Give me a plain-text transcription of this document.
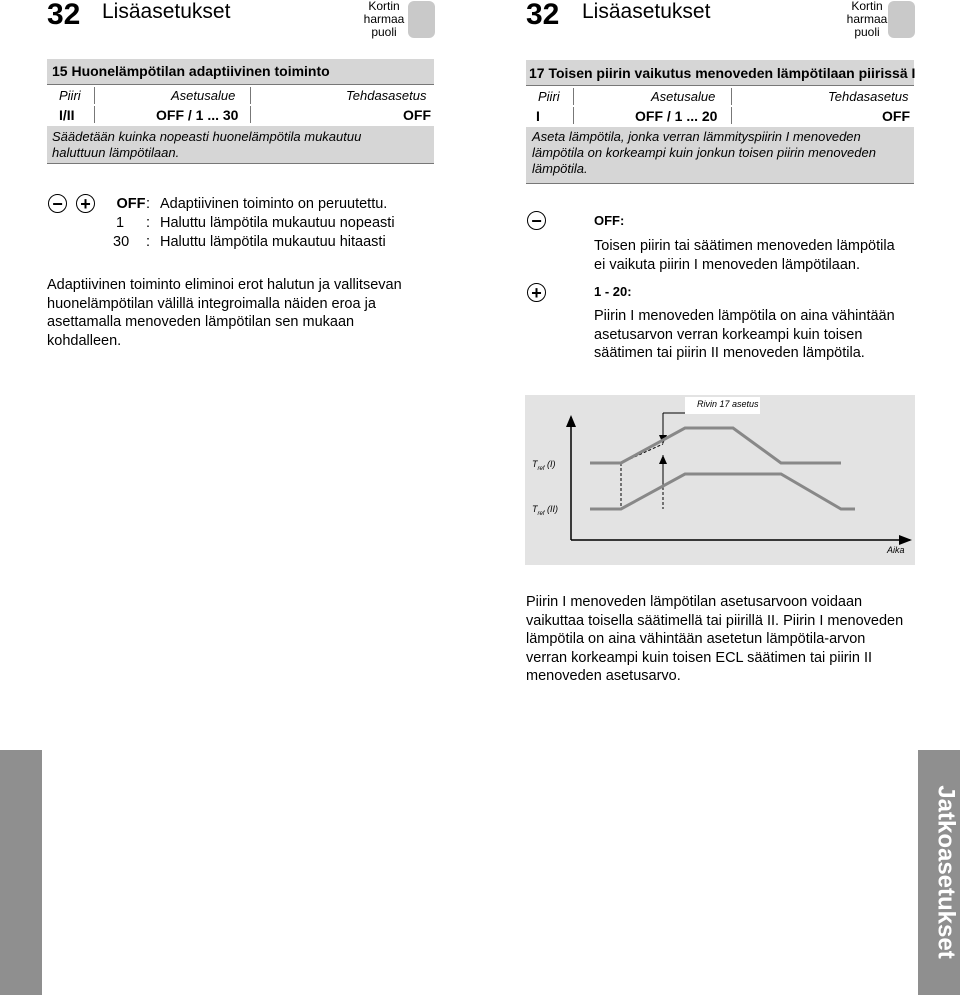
32 Lisäasetukset	Kortin
harmaa
puoli
15 Huonelämpötilan adaptiivinen toiminto
Piiri	Asetusalue	Tehdasasetus
I/II	OFF / 1 ... 30	OFF
Säädetään kuinka nopeasti huonelämpötila mukautuu
haluttuun lämpötilaan.
− + OFF : Adaptiivinen toiminto on peruutettu.
1 : Haluttu lämpötila mukautuu nopeasti
30 : Haluttu lämpötila mukautuu hitaasti
Adaptiivinen toiminto eliminoi erot halutun ja vallitsevan
huonelämpötilan välillä integroimalla näiden eroa ja
asettamalla menoveden lämpötilan sen mukaan
kohdalleen.
32 Lisäasetukset	Kortin
harmaa
puoli
17 Toisen piirin vaikutus menoveden lämpötilaan piirissä I
Piiri	Asetusalue	Tehdasasetus
I	OFF / 1 ... 20	OFF
Aseta lämpötila, jonka verran lämmityspiirin I menoveden
lämpötila on korkeampi kuin jonkun toisen piirin menoveden
lämpötila.
−	OFF:
Toisen piirin tai säätimen menoveden lämpötila
ei vaikuta piirin I menoveden lämpötilaan.
+	1 - 20:
Piirin I menoveden lämpötila on aina vähintään
asetusarvon verran korkeampi kuin toisen
säätimen tai piirin II menoveden lämpötila.
Rivin 17 asetus
$T_{ref}$ (I)
$T_{ref}$ (II)
Aika
Piirin I menoveden lämpötilan asetusarvoon voidaan
vaikuttaa toisella säätimellä tai piirillä II. Piirin I menoveden
lämpötila on aina vähintään asetetun lämpötila-arvon
verran korkeampi kuin toisen ECL säätimen tai piirin II
menoveden asetusarvo.
Jatkoasetukset
